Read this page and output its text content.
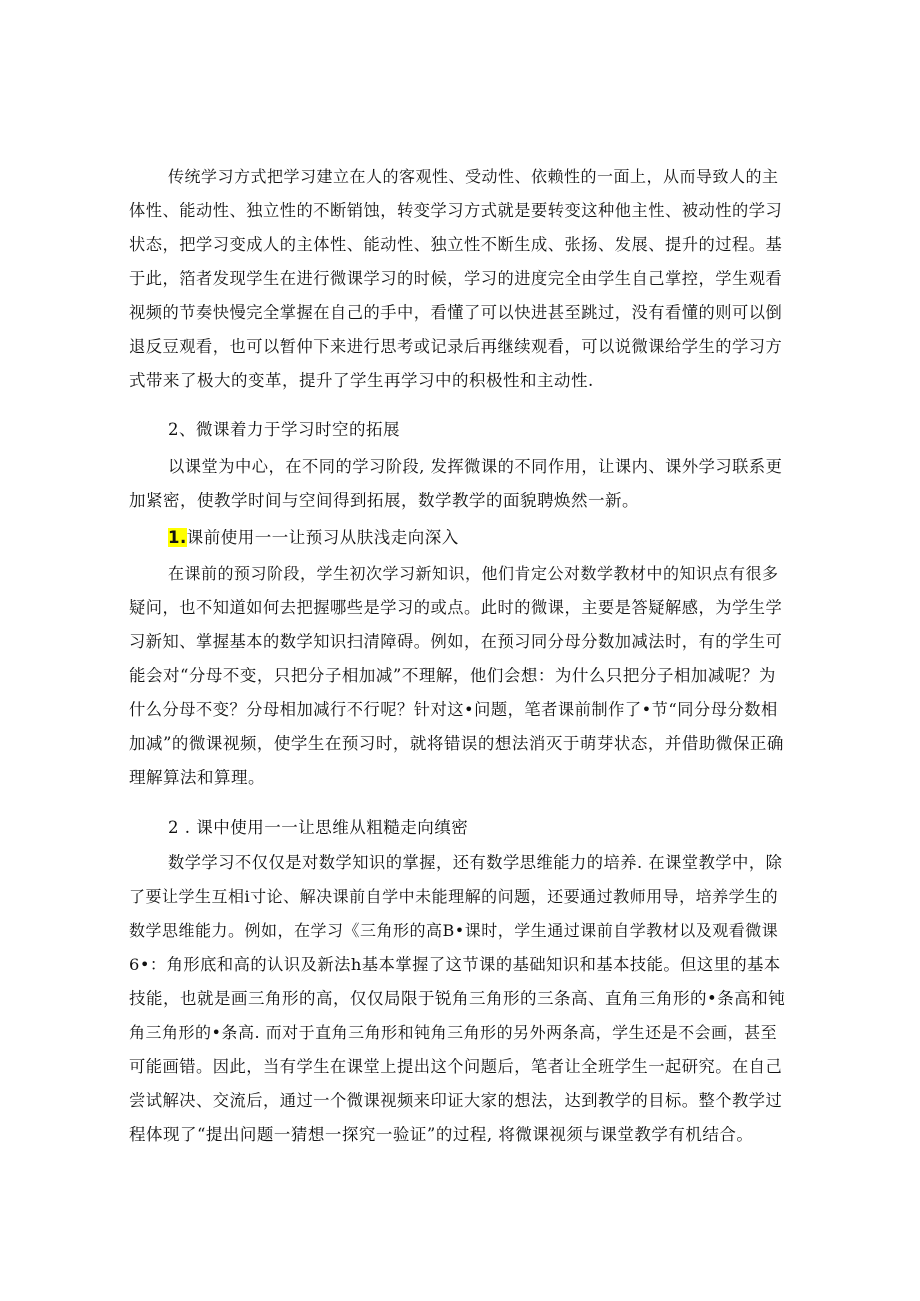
传统学习方式把学习建立在人的客观性、受动性、依赖性的一面上，从而导致人的主
体性、能动性、独立性的不断销蚀，转变学习方式就是要转变这种他主性、被动性的学习
状态，把学习变成人的主体性、能动性、独立性不断生成、张扬、发展、提升的过程。基
于此，箔者发现学生在进行微课学习的时候，学习的进度完全由学生自己掌控，学生观看
视频的节奏快慢完全掌握在自己的手中，看懂了可以快进甚至跳过，没有看懂的则可以倒
退反豆观看，也可以暂仲下来进行思考或记录后再继续观看，可以说微课给学生的学习方
式带来了极大的变革，提升了学生再学习中的积极性和主动性.
2、微课着力于学习时空的拓展
以课堂为中心，在不同的学习阶段, 发挥微课的不同作用，让课内、课外学习联系更
加紧密，使教学时间与空间得到拓展，数学教学的面貌聘焕然一新。
1.课前使用一一让预习从肤浅走向深入
在课前的预习阶段，学生初次学习新知识，他们肯定公对数学教材中的知识点有很多
疑问，也不知道如何去把握哪些是学习的或点。此时的微课，主要是答疑解感，为学生学
习新知、掌握基本的数学知识扫清障碍。例如，在预习同分母分数加减法时，有的学生可
能会对“分母不变，只把分子相加减”不理解，他们会想：为什么只把分子相加减呢？为
什么分母不变？分母相加减行不行呢？针对这•问题，笔者课前制作了•节“同分母分数相
加减”的微课视频，使学生在预习时，就将错误的想法消灭于萌芽状态，并借助微保正确
理解算法和算理。
2 . 课中使用一一让思维从粗糙走向缜密
数学学习不仅仅是对数学知识的掌握，还有数学思维能力的培养. 在课堂教学中，除
了要让学生互相i寸论、解决课前自学中未能理解的问题，还要通过教师用导，培养学生的
数学思维能力。例如，在学习《三角形的高B•课时，学生通过课前自学教材以及观看微课
6•：角形底和高的认识及新法h基本掌握了这节课的基础知识和基本技能。但这里的基本
技能，也就是画三角形的高，仅仅局限于锐角三角形的三条高、直角三角形的•条高和钝
角三角形的•条高. 而对于直角三角形和钝角三角形的另外两条高，学生还是不会画，甚至
可能画错。因此，当有学生在课堂上提出这个问题后，笔者让全班学生一起研究。在自己
尝试解决、交流后，通过一个微课视频来印证大家的想法，达到教学的目标。整个教学过
程体现了“提出问题一猜想一探究一验证”的过程, 将微课视须与课堂教学有机结合。
